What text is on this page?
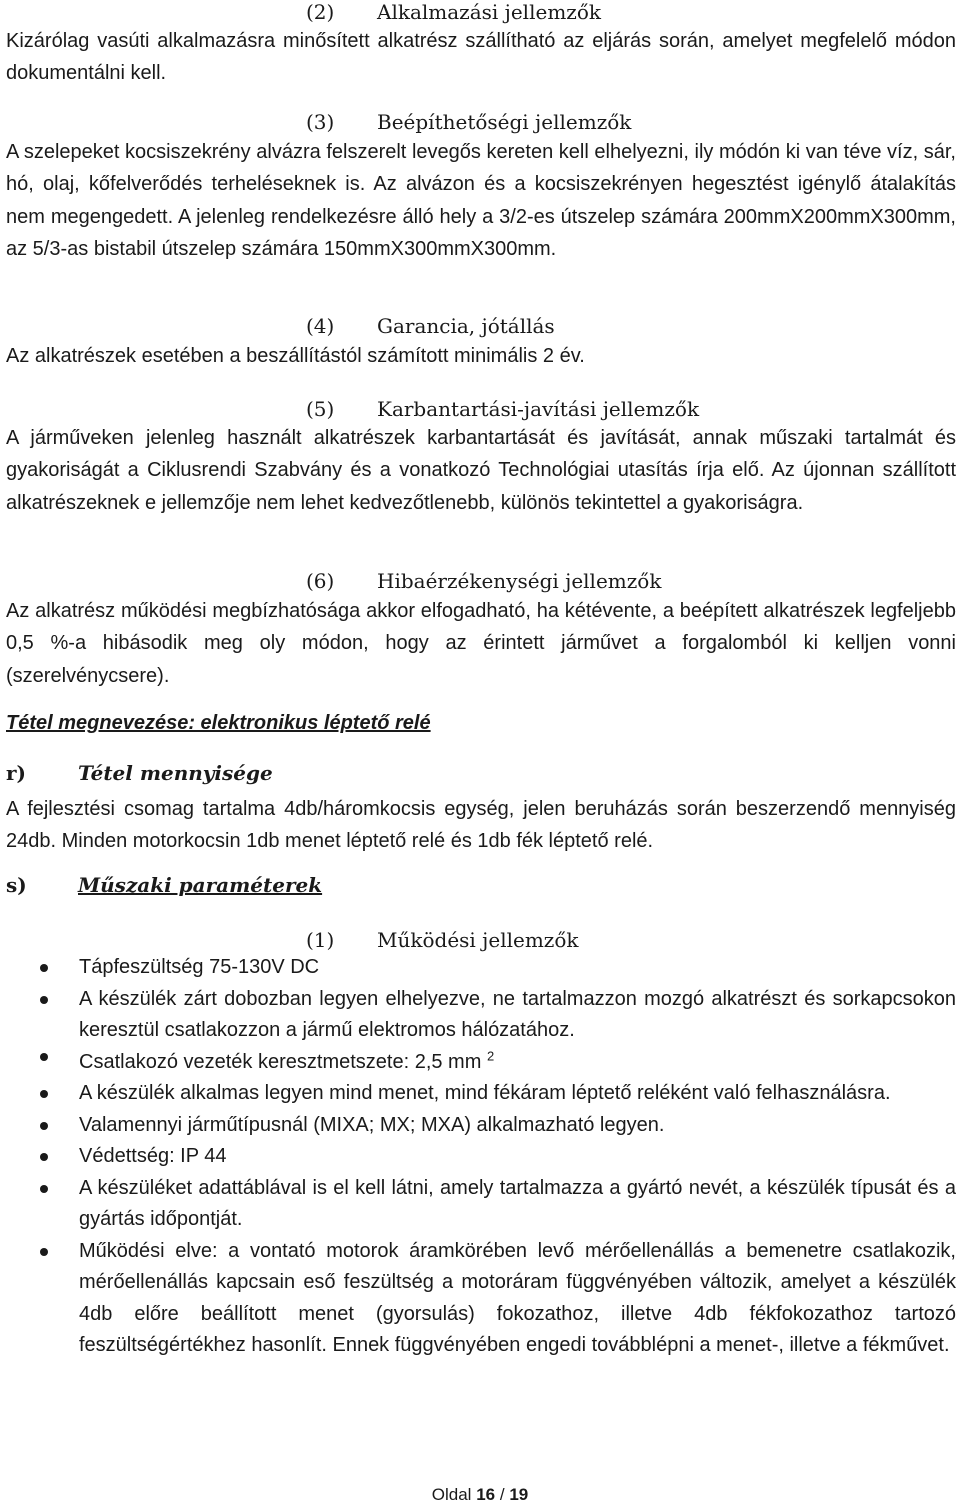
(2) Alkalmazási jellemzők

Kizárólag vasúti alkalmazásra minősített alkatrész szállítható az eljárás során, amelyet megfelelő módon dokumentálni kell.

(3) Beépíthetőségi jellemzők

A szelepeket kocsiszekrény alvázra felszerelt levegős kereten kell elhelyezni, ily módón ki van téve víz, sár, hó, olaj, kőfelverődés terheléseknek is. Az alvázon és a kocsiszekrényen hegesztést igénylő átalakítás nem megengedett. A jelenleg rendelkezésre álló hely a 3/2-es útszelep számára 200mmX200mmX300mm, az 5/3-as bistabil útszelep számára 150mmX300mmX300mm.

(4) Garancia, jótállás

Az alkatrészek esetében a beszállítástól számított minimális 2 év.

(5) Karbantartási-javítási jellemzők

A járműveken jelenleg használt alkatrészek karbantartását és javítását, annak műszaki tartalmát és gyakoriságát a Ciklusrendi Szabvány és a vonatkozó Technológiai utasítás írja elő. Az újonnan szállított alkatrészeknek e jellemzője nem lehet kedvezőtlenebb, különös tekintettel a gyakoriságra.

(6) Hibaérzékenységi jellemzők

Az alkatrész működési megbízhatósága akkor elfogadható, ha kétévente, a beépített alkatrészek legfeljebb 0,5 %-a hibásodik meg oly módon, hogy az érintett járművet a forgalomból ki kelljen vonni (szerelvénycsere).

Tétel megnevezése: elektronikus léptető relé

r)	Tétel mennyisége

A fejlesztési csomag tartalma 4db/háromkocsis egység, jelen beruházás során beszerzendő mennyiség 24db. Minden motorkocsin 1db menet léptető relé és 1db fék léptető relé.

s)	Műszaki paraméterek

(1) Működési jellemzők

Tápfeszültség 75-130V DC
A készülék zárt dobozban legyen elhelyezve, ne tartalmazzon mozgó alkatrészt és sorkapcsokon keresztül csatlakozzon a jármű elektromos hálózatához.
Csatlakozó vezeték keresztmetszete: 2,5 mm $^2$
A készülék alkalmas legyen mind menet, mind fékáram léptető reléként való felhasználásra.
Valamennyi járműtípusnál (MIXA; MX; MXA) alkalmazható legyen.
Védettség: IP 44
A készüléket adattáblával is el kell látni, amely tartalmazza a gyártó nevét, a készülék típusát és a gyártás időpontját.
Működési elve: a vontató motorok áramkörében levő mérőellenállás a bemenetre csatlakozik, mérőellenállás kapcsain eső feszültség a motoráram függvényében változik, amelyet a készülék 4db előre beállított menet (gyorsulás) fokozathoz, illetve 4db fékfokozathoz tartozó feszültségértékhez hasonlít. Ennek függvényében engedi továbblépni a menet-, illetve a fékművet.
Oldal 16 / 19
